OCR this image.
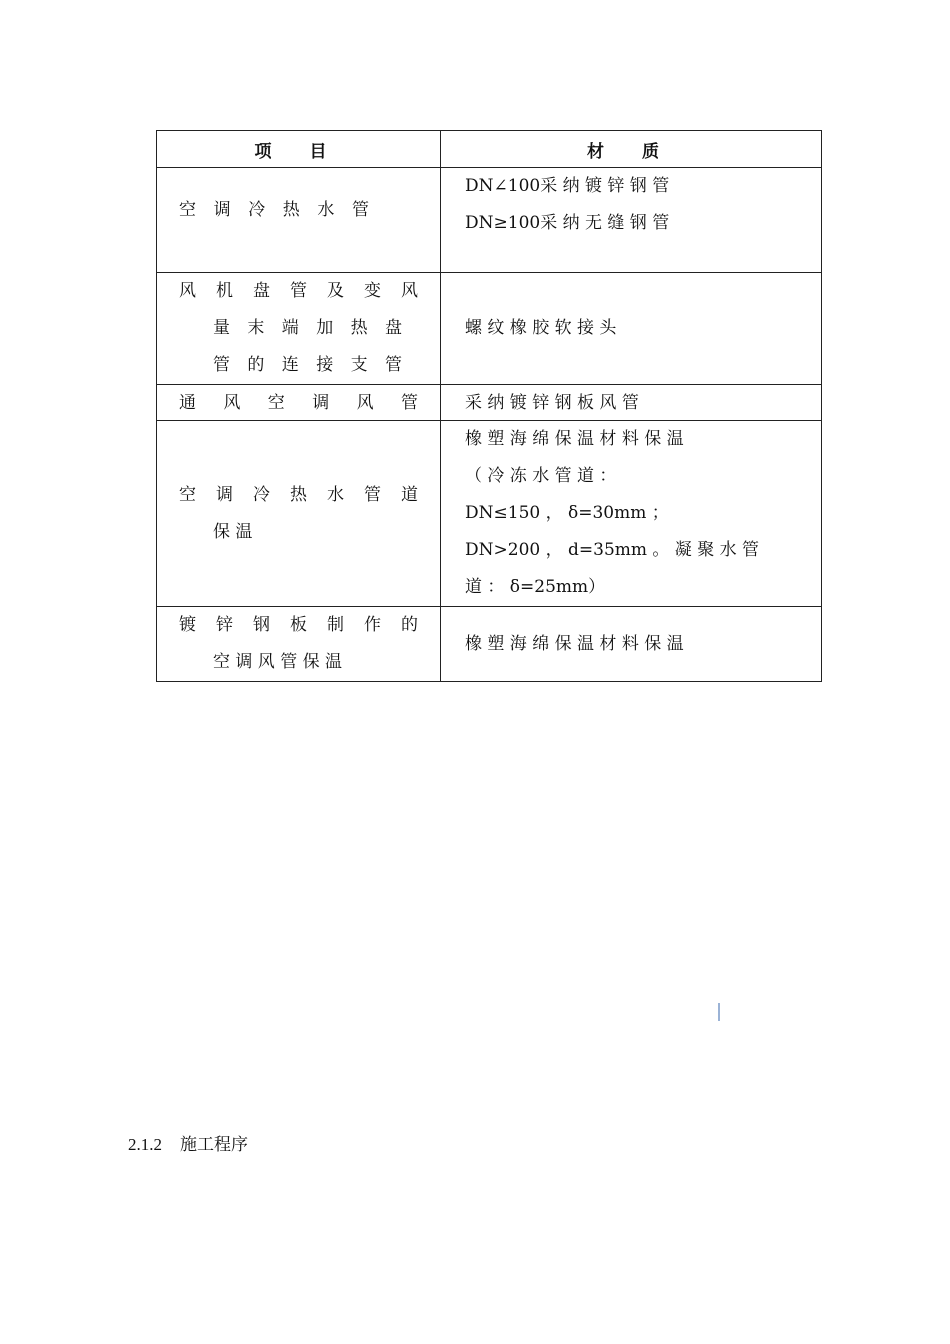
项 目	材 质

空 调 冷 热 水 管	DN∠100采 纳 镀 锌 钢 管
DN≥100采 纳 无 缝 钢 管

风 机 盘 管 及 变 风
量 末 端 加 热 盘
管 的 连 接 支 管	螺 纹 橡 胶 软 接 头

通 风 空 调 风 管	采 纳 镀 锌 钢 板 风 管

空 调 冷 热 水 管 道
保 温	橡 塑 海 绵 保 温 材 料 保 温
（ 冷 冻 水 管 道 ：
DN≤150 ， δ=30mm ；
DN>200 ， d=35mm 。 凝 聚 水 管
道 ： δ=25mm）

镀 锌 钢 板 制 作 的
空 调 风 管 保 温	橡 塑 海 绵 保 温 材 料 保 温
2.1.2 施工程序
